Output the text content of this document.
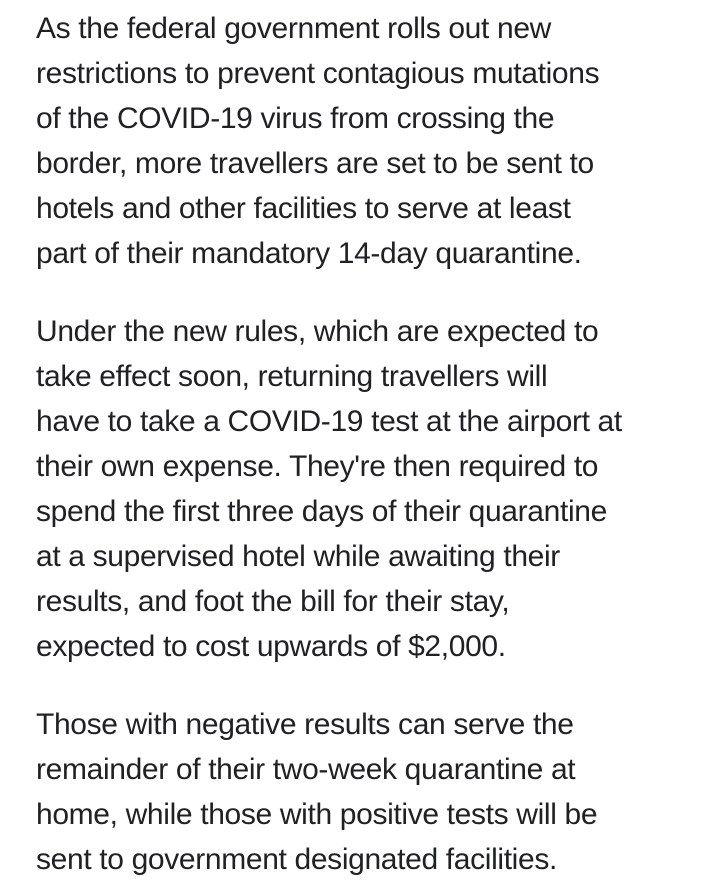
As the federal government rolls out new
restrictions to prevent contagious mutations
of the COVID-19 virus from crossing the
border, more travellers are set to be sent to
hotels and other facilities to serve at least
part of their mandatory 14-day quarantine.

Under the new rules, which are expected to
take effect soon, returning travellers will
have to take a COVID-19 test at the airport at
their own expense. They're then required to
spend the first three days of their quarantine
at a supervised hotel while awaiting their
results, and foot the bill for their stay,
expected to cost upwards of $2,000.

Those with negative results can serve the
remainder of their two-week quarantine at
home, while those with positive tests will be
sent to government designated facilities.
